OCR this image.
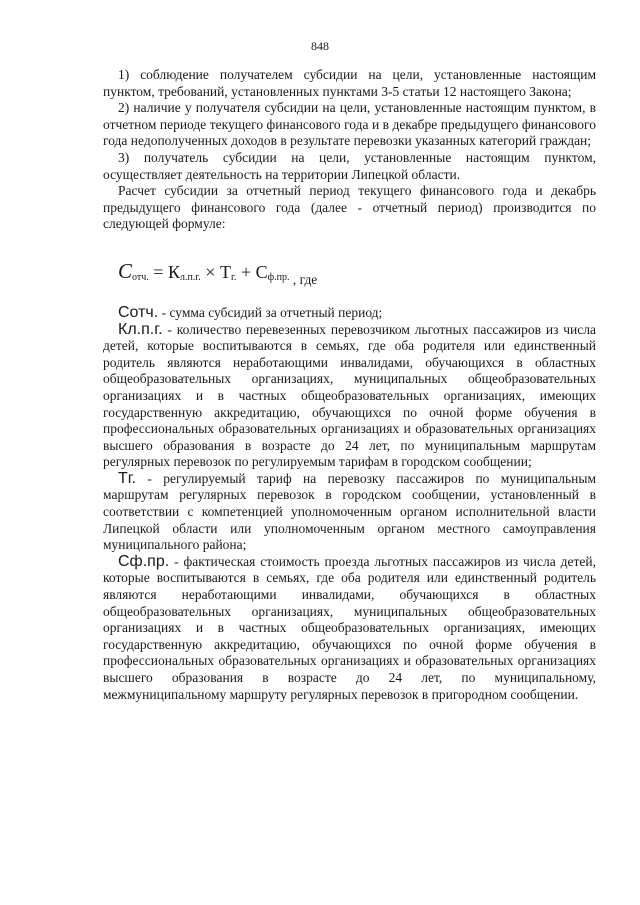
848

1) соблюдение получателем субсидии на цели, установленные настоящим пунктом, требований, установленных пунктами 3-5 статьи 12 настоящего Закона;

2) наличие у получателя субсидии на цели, установленные настоящим пунктом, в отчетном периоде текущего финансового года и в декабре предыдущего финансового года недополученных доходов в результате перевозки указанных категорий граждан;

3) получатель субсидии на цели, установленные настоящим пунктом, осуществляет деятельность на территории Липецкой области.

Расчет субсидии за отчетный период текущего финансового года и декабрь предыдущего финансового года (далее - отчетный период) производится по следующей формуле:

$С_{отч.} = К_{л.п.г.} \times Т_{г.} + С_{ф.пр.}$ $_{, где}$

Сотч. - сумма субсидий за отчетный период;

Кл.п.г. - количество перевезенных перевозчиком льготных пассажиров из числа детей, которые воспитываются в семьях, где оба родителя или единственный родитель являются неработающими инвалидами, обучающихся в областных общеобразовательных организациях, муниципальных общеобразовательных организациях и в частных общеобразовательных организациях, имеющих государственную аккредитацию, обучающихся по очной форме обучения в профессиональных образовательных организациях и образовательных организациях высшего образования в возрасте до 24 лет, по муниципальным маршрутам регулярных перевозок по регулируемым тарифам в городском сообщении;

Тг. - регулируемый тариф на перевозку пассажиров по муниципальным маршрутам регулярных перевозок в городском сообщении, установленный в соответствии с компетенцией уполномоченным органом исполнительной власти Липецкой области или уполномоченным органом местного самоуправления муниципального района;

Сф.пр. - фактическая стоимость проезда льготных пассажиров из числа детей, которые воспитываются в семьях, где оба родителя или единственный родитель являются неработающими инвалидами, обучающихся в областных общеобразовательных организациях, муниципальных общеобразовательных организациях и в частных общеобразовательных организациях, имеющих государственную аккредитацию, обучающихся по очной форме обучения в профессиональных образовательных организациях и образовательных организациях высшего образования в возрасте до 24 лет, по муниципальному, межмуниципальному маршруту регулярных перевозок в пригородном сообщении.
